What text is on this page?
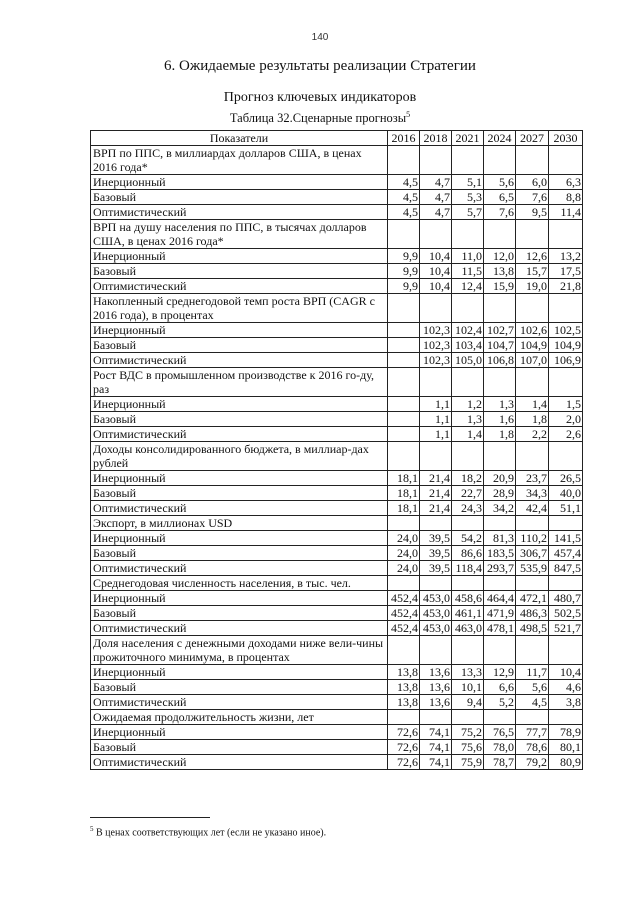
140
6. Ожидаемые результаты реализации Стратегии
Прогноз ключевых индикаторов
Таблица 32.Сценарные прогнозы$^5$
Показатели	2016	2018	2021	2024	2027	2030
ВРП по ППС, в миллиардах долларов США, в ценах 2016 года*						
Инерционный	4,5	4,7	5,1	5,6	6,0	6,3
Базовый	4,5	4,7	5,3	6,5	7,6	8,8
Оптимистический	4,5	4,7	5,7	7,6	9,5	11,4
ВРП на душу населения по ППС, в тысячах долларов США, в ценах 2016 года*						
Инерционный	9,9	10,4	11,0	12,0	12,6	13,2
Базовый	9,9	10,4	11,5	13,8	15,7	17,5
Оптимистический	9,9	10,4	12,4	15,9	19,0	21,8
Накопленный среднегодовой темп роста ВРП (CAGR с 2016 года), в процентах						
Инерционный		102,3	102,4	102,7	102,6	102,5
Базовый		102,3	103,4	104,7	104,9	104,9
Оптимистический		102,3	105,0	106,8	107,0	106,9
Рост ВДС в промышленном производстве к 2016 го-ду, раз						
Инерционный		1,1	1,2	1,3	1,4	1,5
Базовый		1,1	1,3	1,6	1,8	2,0
Оптимистический		1,1	1,4	1,8	2,2	2,6
Доходы консолидированного бюджета, в миллиар-дах рублей						
Инерционный	18,1	21,4	18,2	20,9	23,7	26,5
Базовый	18,1	21,4	22,7	28,9	34,3	40,0
Оптимистический	18,1	21,4	24,3	34,2	42,4	51,1
Экспорт, в миллионах USD						
Инерционный	24,0	39,5	54,2	81,3	110,2	141,5
Базовый	24,0	39,5	86,6	183,5	306,7	457,4
Оптимистический	24,0	39,5	118,4	293,7	535,9	847,5
Среднегодовая численность населения, в тыс. чел.						
Инерционный	452,4	453,0	458,6	464,4	472,1	480,7
Базовый	452,4	453,0	461,1	471,9	486,3	502,5
Оптимистический	452,4	453,0	463,0	478,1	498,5	521,7
Доля населения с денежными доходами ниже вели-чины прожиточного минимума, в процентах						
Инерционный	13,8	13,6	13,3	12,9	11,7	10,4
Базовый	13,8	13,6	10,1	6,6	5,6	4,6
Оптимистический	13,8	13,6	9,4	5,2	4,5	3,8
Ожидаемая продолжительность жизни, лет						
Инерционный	72,6	74,1	75,2	76,5	77,7	78,9
Базовый	72,6	74,1	75,6	78,0	78,6	80,1
Оптимистический	72,6	74,1	75,9	78,7	79,2	80,9
$^5$ В ценах соответствующих лет (если не указано иное).
